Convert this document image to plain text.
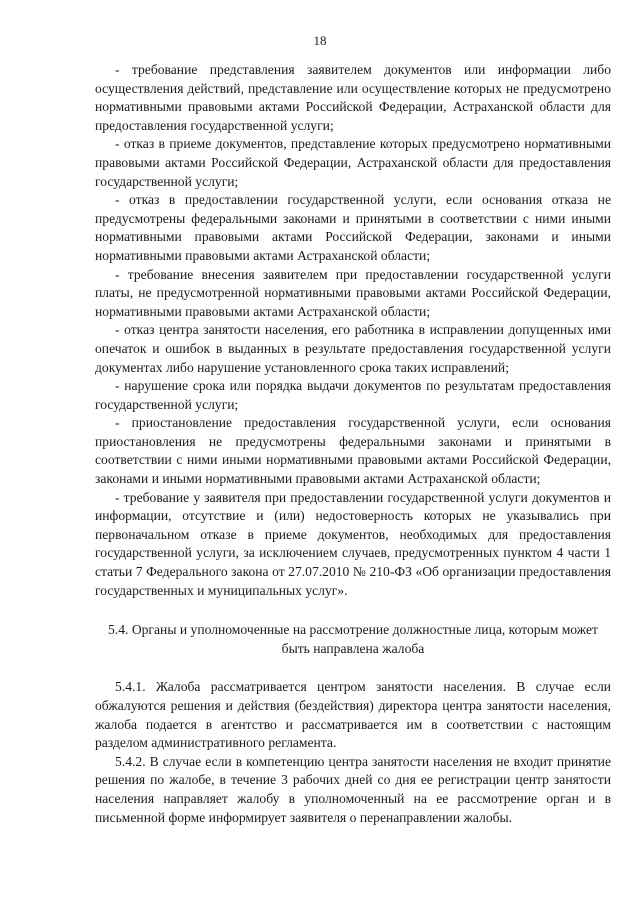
18

- требование представления заявителем документов или информации либо осуществления действий, представление или осуществление которых не предусмотрено нормативными правовыми актами Российской Федерации, Астраханской области для предоставления государственной услуги;

- отказ в приеме документов, представление которых предусмотрено нормативными правовыми актами Российской Федерации, Астраханской области для предоставления государственной услуги;

- отказ в предоставлении государственной услуги, если основания отказа не предусмотрены федеральными законами и принятыми в соответствии с ними иными нормативными правовыми актами Российской Федерации, законами и иными нормативными правовыми актами Астраханской области;

- требование внесения заявителем при предоставлении государственной услуги платы, не предусмотренной нормативными правовыми актами Российской Федерации, нормативными правовыми актами Астраханской области;

- отказ центра занятости населения, его работника в исправлении допущенных ими опечаток и ошибок в выданных в результате предоставления государственной услуги документах либо нарушение установленного срока таких исправлений;

- нарушение срока или порядка выдачи документов по результатам предоставления государственной услуги;

- приостановление предоставления государственной услуги, если основания приостановления не предусмотрены федеральными законами и принятыми в соответствии с ними иными нормативными правовыми актами Российской Федерации, законами и иными нормативными правовыми актами Астраханской области;

- требование у заявителя при предоставлении государственной услуги документов и информации, отсутствие и (или) недостоверность которых не указывались при первоначальном отказе в приеме документов, необходимых для предоставления государственной услуги, за исключением случаев, предусмотренных пунктом 4 части 1 статьи 7 Федерального закона от 27.07.2010 № 210-ФЗ «Об организации предоставления государственных и муниципальных услуг».

5.4. Органы и уполномоченные на рассмотрение должностные лица, которым может быть направлена жалоба

5.4.1. Жалоба рассматривается центром занятости населения. В случае если обжалуются решения и действия (бездействия) директора центра занятости населения, жалоба подается в агентство и рассматривается им в соответствии с настоящим разделом административного регламента.

5.4.2. В случае если в компетенцию центра занятости населения не входит принятие решения по жалобе, в течение 3 рабочих дней со дня ее регистрации центр занятости населения направляет жалобу в уполномоченный на ее рассмотрение орган и в письменной форме информирует заявителя о перенаправлении жалобы.
